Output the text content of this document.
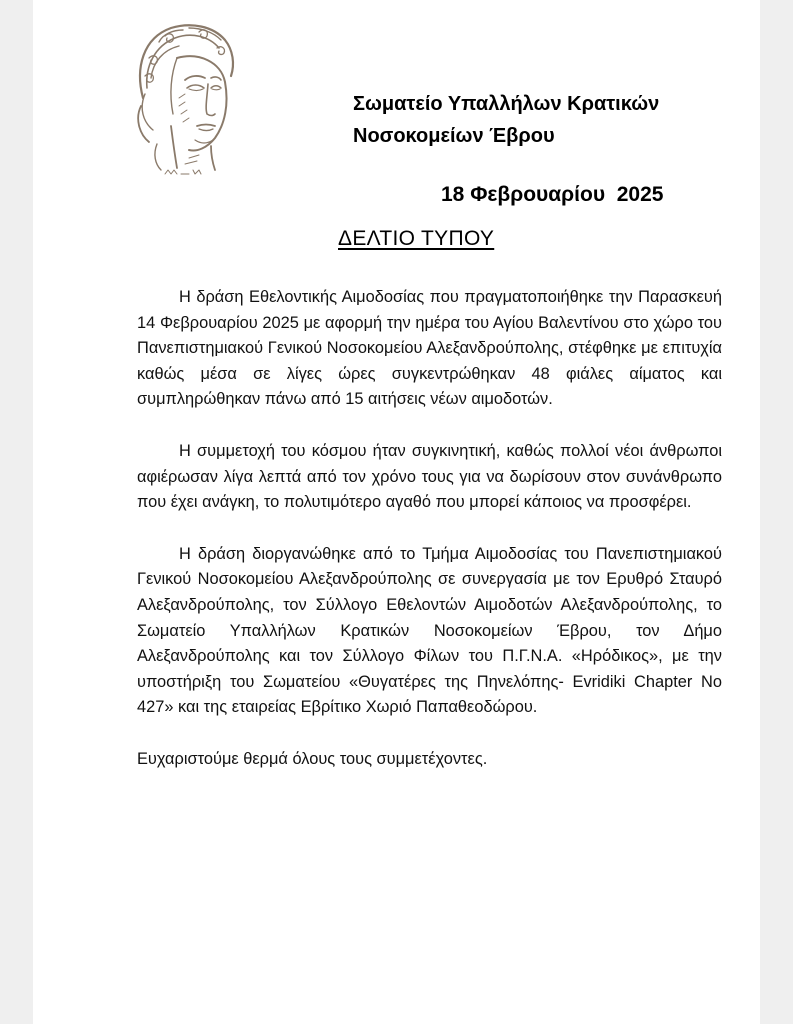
Σωματείο Υπαλλήλων Κρατικών
Νοσοκομείων Έβρου
18 Φεβρουαρίου  2025
ΔΕΛΤΙΟ ΤΥΠΟΥ

Η δράση Εθελοντικής Αιμοδοσίας που πραγματοποιήθηκε την Παρασκευή 14 Φεβρουαρίου 2025 με αφορμή την ημέρα του Αγίου Βαλεντίνου στο χώρο του Πανεπιστημιακού Γενικού Νοσοκομείου Αλεξανδρούπολης, στέφθηκε με επιτυχία καθώς μέσα σε λίγες ώρες συγκεντρώθηκαν 48 φιάλες αίματος και συμπληρώθηκαν πάνω από 15 αιτήσεις νέων αιμοδοτών.

Η συμμετοχή του κόσμου ήταν συγκινητική, καθώς πολλοί νέοι άνθρωποι αφιέρωσαν λίγα λεπτά από τον χρόνο τους για να δωρίσουν στον συνάνθρωπο που έχει ανάγκη, το πολυτιμότερο αγαθό που μπορεί κάποιος να προσφέρει.

Η δράση διοργανώθηκε από το Τμήμα Αιμοδοσίας του Πανεπιστημιακού Γενικού Νοσοκομείου Αλεξανδρούπολης σε συνεργασία με τον Ερυθρό Σταυρό Αλεξανδρούπολης, τον Σύλλογο Εθελοντών Αιμοδοτών Αλεξανδρούπολης, το Σωματείο Υπαλλήλων Κρατικών Νοσοκομείων Έβρου, τον Δήμο Αλεξανδρούπολης και τον Σύλλογο Φίλων του Π.Γ.Ν.Α. «Ηρόδικος», με την υποστήριξη του Σωματείου «Θυγατέρες της Πηνελόπης- Evridiki Chapter No 427» και της εταιρείας Εβρίτικο Χωριό Παπαθεοδώρου.

Ευχαριστούμε θερμά όλους τους συμμετέχοντες.
